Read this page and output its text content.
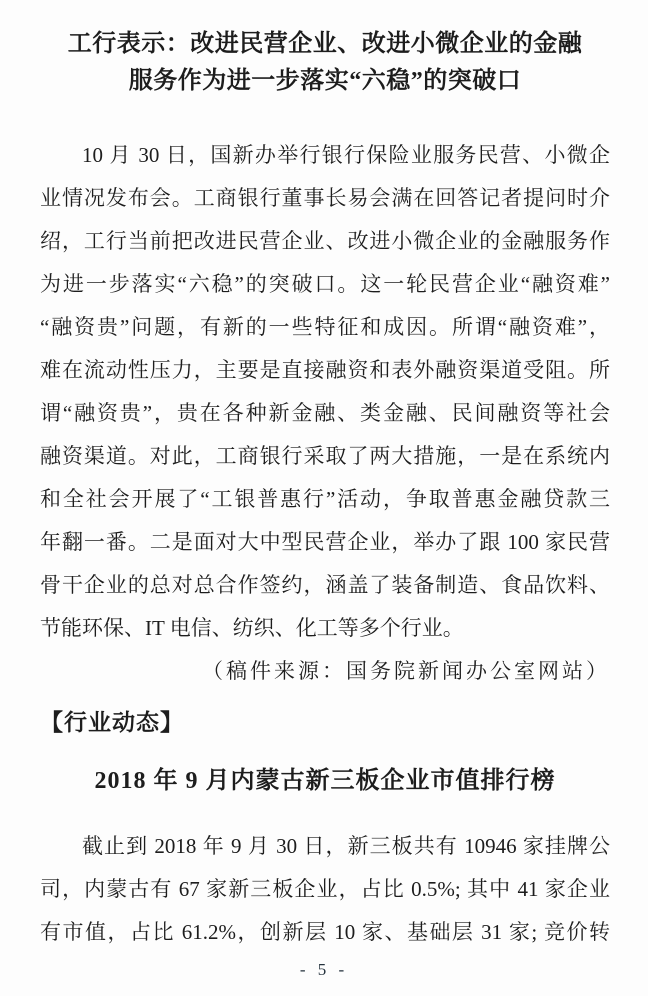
工行表示：改进民营企业、改进小微企业的金融
服务作为进一步落实“六稳”的突破口
10 月 30 日，国新办举行银行保险业服务民营、小微企
业情况发布会。工商银行董事长易会满在回答记者提问时介
绍，工行当前把改进民营企业、改进小微企业的金融服务作
为进一步落实“六稳”的突破口。这一轮民营企业“融资难”
“融资贵”问题，有新的一些特征和成因。所谓“融资难”，
难在流动性压力，主要是直接融资和表外融资渠道受阻。所
谓“融资贵”，贵在各种新金融、类金融、民间融资等社会
融资渠道。对此，工商银行采取了两大措施，一是在系统内
和全社会开展了“工银普惠行”活动，争取普惠金融贷款三
年翻一番。二是面对大中型民营企业，举办了跟 100 家民营
骨干企业的总对总合作签约，涵盖了装备制造、食品饮料、
节能环保、IT 电信、纺织、化工等多个行业。
（稿件来源：国务院新闻办公室网站）
【行业动态】
2018 年 9 月内蒙古新三板企业市值排行榜
截止到 2018 年 9 月 30 日，新三板共有 10946 家挂牌公
司，内蒙古有 67 家新三板企业，占比 0.5%; 其中 41 家企业
有市值，占比 61.2%，创新层 10 家、基础层 31 家; 竞价转
- 5 -
